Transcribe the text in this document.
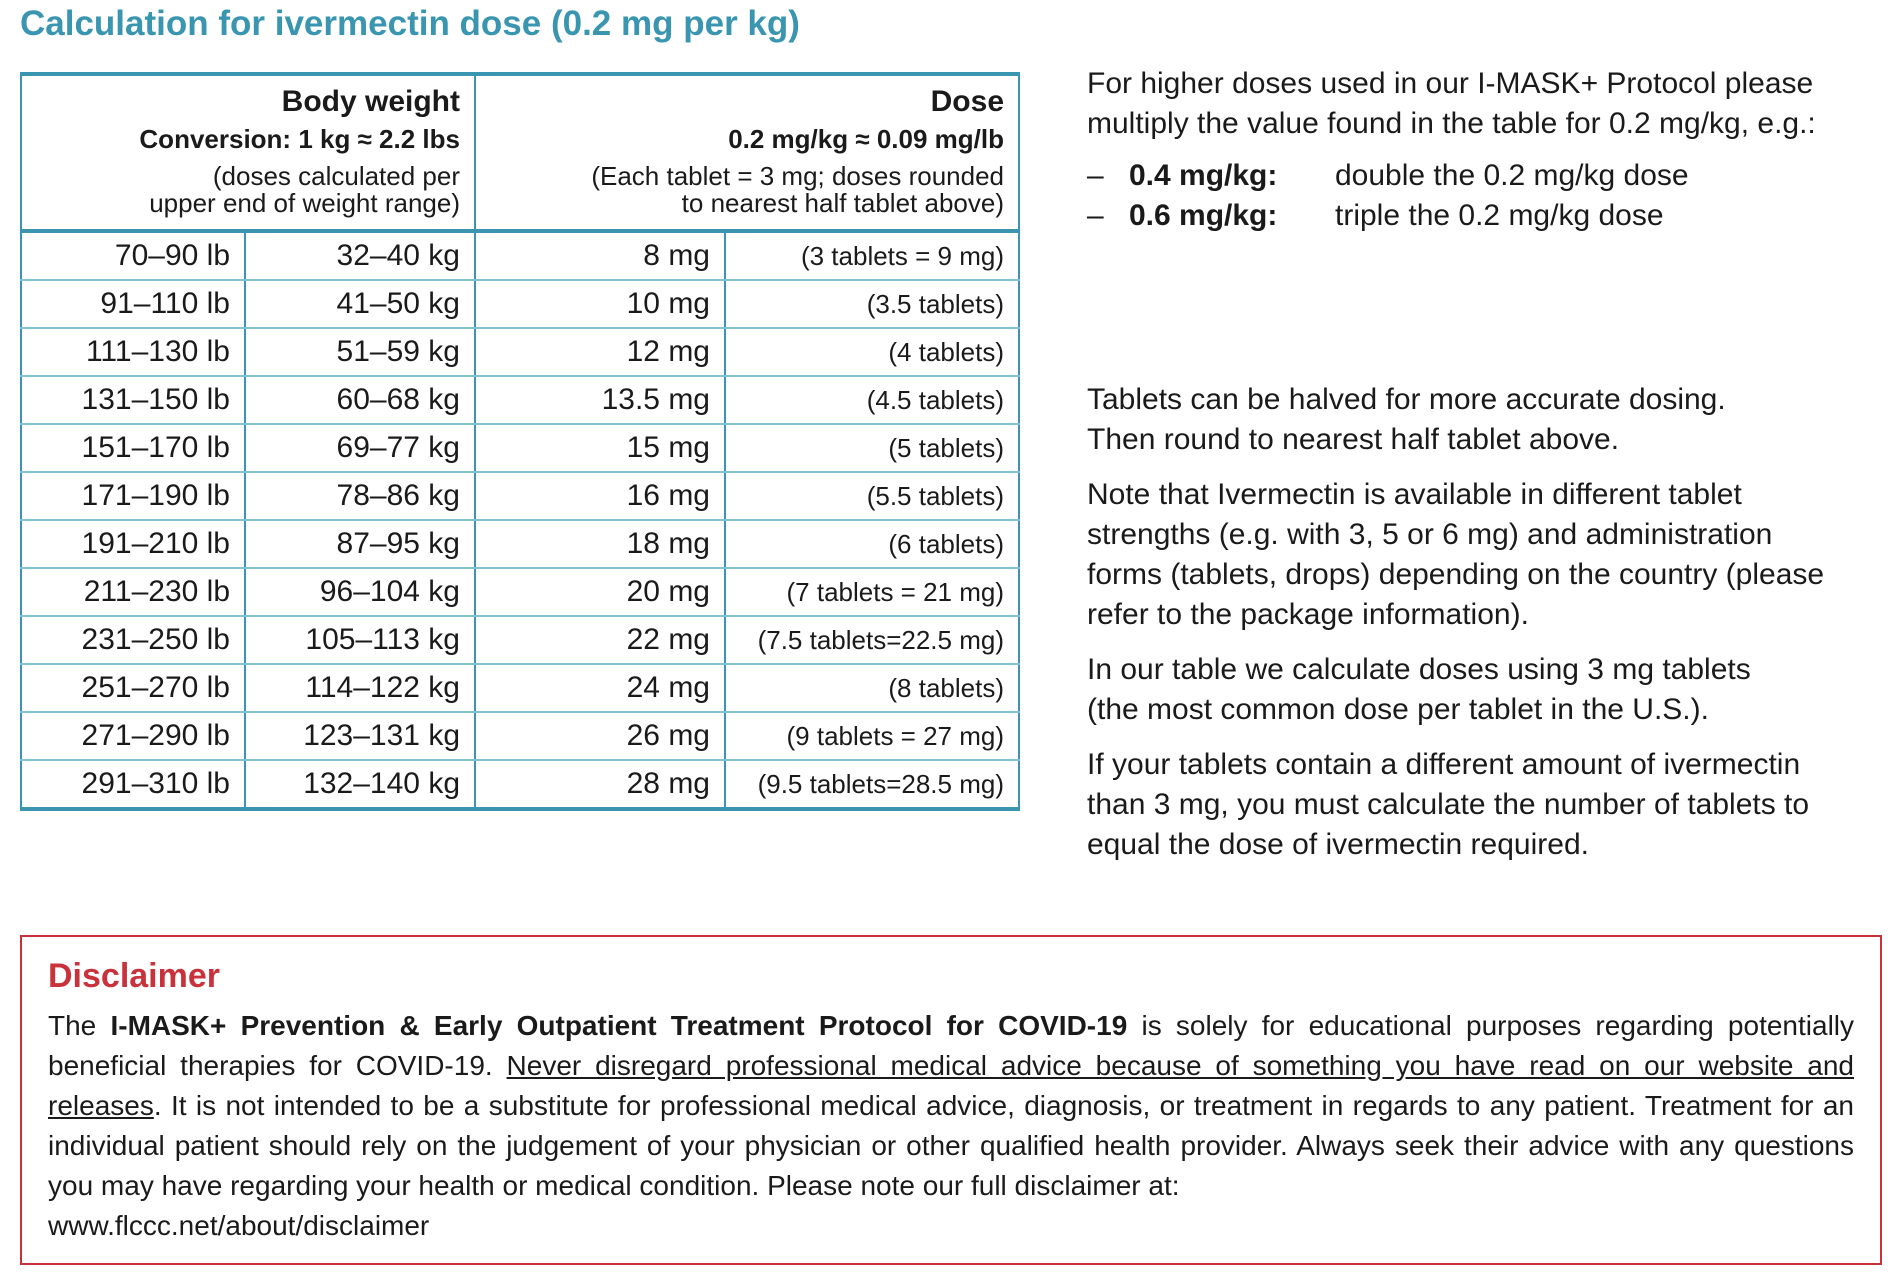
Calculation for ivermectin dose (0.2 mg per kg)
Body weight
Conversion: 1 kg ≈ 2.2 lbs
(doses calculated per
upper end of weight range)		Dose
0.2 mg/kg ≈ 0.09 mg/lb
(Each tablet = 3 mg; doses rounded
to nearest half tablet above)	

70–90 lb	32–40 kg	8 mg	(3 tablets = 9 mg)
91–110 lb	41–50 kg	10 mg	(3.5 tablets)
111–130 lb	51–59 kg	12 mg	(4 tablets)
131–150 lb	60–68 kg	13.5 mg	(4.5 tablets)
151–170 lb	69–77 kg	15 mg	(5 tablets)
171–190 lb	78–86 kg	16 mg	(5.5 tablets)
191–210 lb	87–95 kg	18 mg	(6 tablets)
211–230 lb	96–104 kg	20 mg	(7 tablets = 21 mg)
231–250 lb	105–113 kg	22 mg	(7.5 tablets=22.5 mg)
251–270 lb	114–122 kg	24 mg	(8 tablets)
271–290 lb	123–131 kg	26 mg	(9 tablets = 27 mg)
291–310 lb	132–140 kg	28 mg	(9.5 tablets=28.5 mg)

For higher doses used in our I-MASK+ Protocol please

multiply the value found in the table for 0.2 mg/kg, e.g.:

– 0.4 mg/kg:	double the 0.2 mg/kg dose
– 0.6 mg/kg:	triple the 0.2 mg/kg dose

Tablets can be halved for more accurate dosing.

Then round to nearest half tablet above.

Note that Ivermectin is available in different tablet

strengths (e.g. with 3, 5 or 6 mg) and administration

forms (tablets, drops) depending on the country (please

refer to the package information).

In our table we calculate doses using 3 mg tablets

(the most common dose per tablet in the U.S.).

If your tablets contain a different amount of ivermectin

than 3 mg, you must calculate the number of tablets to

equal the dose of ivermectin required.

Disclaimer

The I-MASK+ Prevention & Early Outpatient Treatment Protocol for COVID-19 is solely for educational purposes regarding potentially beneficial therapies for COVID-19. Never disregard professional medical advice because of something you have read on our website and releases. It is not intended to be a substitute for professional medical advice, diagnosis, or treatment in regards to any patient. Treatment for an individual patient should rely on the judgement of your physician or other qualified health provider. Always seek their advice with any questions you may have regarding your health or medical condition. Please note our full disclaimer at:
www.flccc.net/about/disclaimer
